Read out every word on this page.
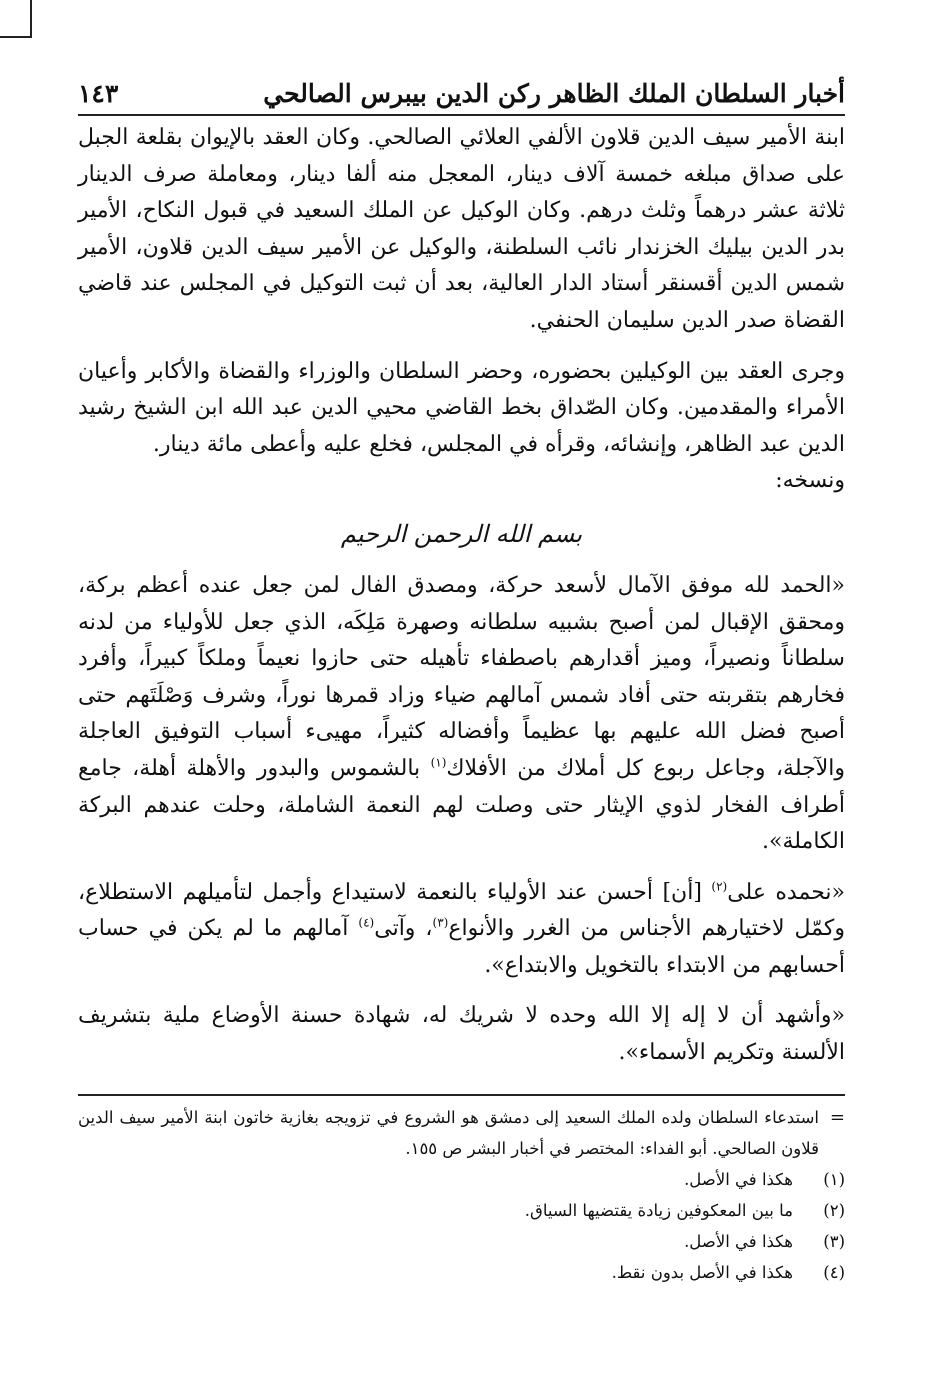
أخبار السلطان الملك الظاهر ركن الدين بيبرس الصالحي
١٤٣

ابنة الأمير سيف الدين قلاون الألفي العلائي الصالحي. وكان العقد بالإيوان بقلعة الجبل على صداق مبلغه خمسة آلاف دينار، المعجل منه ألفا دينار، ومعاملة صرف الدينار ثلاثة عشر درهماً وثلث درهم. وكان الوكيل عن الملك السعيد في قبول النكاح، الأمير بدر الدين بيليك الخزندار نائب السلطنة، والوكيل عن الأمير سيف الدين قلاون، الأمير شمس الدين أقسنقر أستاد الدار العالية، بعد أن ثبت التوكيل في المجلس عند قاضي القضاة صدر الدين سليمان الحنفي.

وجرى العقد بين الوكيلين بحضوره، وحضر السلطان والوزراء والقضاة والأكابر وأعيان الأمراء والمقدمين. وكان الصّداق بخط القاضي محيي الدين عبد الله ابن الشيخ رشيد الدين عبد الظاهر، وإنشائه، وقرأه في المجلس، فخلع عليه وأعطى مائة دينار.

ونسخه:

بسم الله الرحمن الرحيم

«الحمد لله موفق الآمال لأسعد حركة، ومصدق الفال لمن جعل عنده أعظم بركة، ومحقق الإقبال لمن أصبح بشبيه سلطانه وصهرة مَلِكَه، الذي جعل للأولياء من لدنه سلطاناً ونصيراً، وميز أقدارهم باصطفاء تأهيله حتى حازوا نعيماً وملكاً كبيراً، وأفرد فخارهم بتقربته حتى أفاد شمس آمالهم ضياء وزاد قمرها نوراً، وشرف وَصْلَتَهم حتى أصبح فضل الله عليهم بها عظيماً وأفضاله كثيراً، مهيىء أسباب التوفيق العاجلة والآجلة، وجاعل ربوع كل أملاك من الأفلاك$^{(١)}$ بالشموس والبدور والأهلة أهلة، جامع أطراف الفخار لذوي الإيثار حتى وصلت لهم النعمة الشاملة، وحلت عندهم البركة الكاملة».

«نحمده على$^{(٢)}$ [أن] أحسن عند الأولياء بالنعمة لاستيداع وأجمل لتأميلهم الاستطلاع، وكمّل لاختيارهم الأجناس من الغرر والأنواع$^{(٣)}$، وآتى$^{(٤)}$ آمالهم ما لم يكن في حساب أحسابهم من الابتداء بالتخويل والابتداع».

«وأشهد أن لا إله إلا الله وحده لا شريك له، شهادة حسنة الأوضاع ملية بتشريف الألسنة وتكريم الأسماء».

=
استدعاء السلطان ولده الملك السعيد إلى دمشق هو الشروع في تزويجه بغازية خاتون ابنة الأمير سيف الدين قلاون الصالحي. أبو الفداء: المختصر في أخبار البشر ص ١٥٥.

(١)هكذا في الأصل.

(٢)ما بين المعكوفين زيادة يقتضيها السياق.

(٣)هكذا في الأصل.

(٤)هكذا في الأصل بدون نقط.
